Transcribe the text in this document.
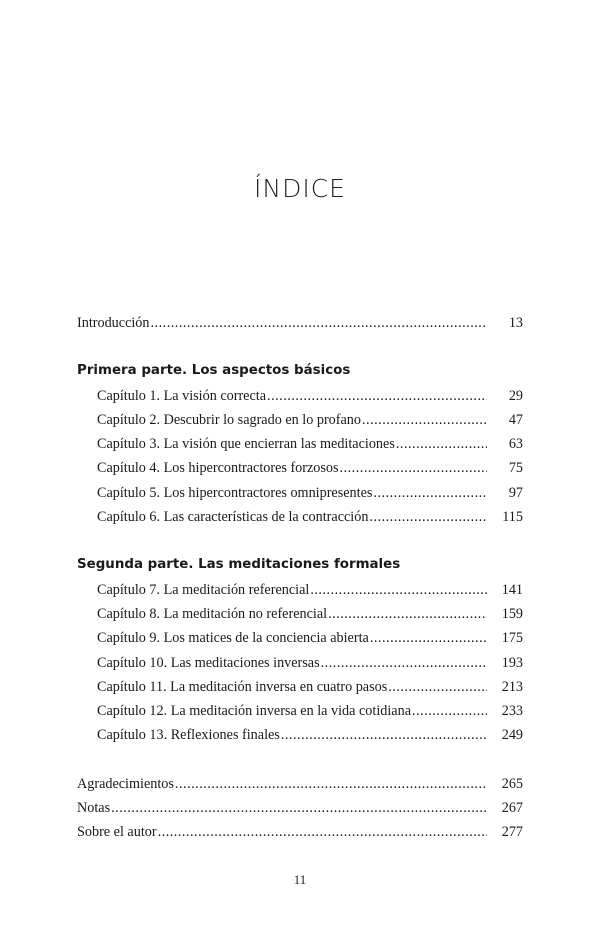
ÍNDICE
Introducción .....	13
Primera parte. Los aspectos básicos
Capítulo 1. La visión correcta .....	29
Capítulo 2. Descubrir lo sagrado en lo profano .....	47
Capítulo 3. La visión que encierran las meditaciones .....	63
Capítulo 4. Los hipercontractores forzosos .....	75
Capítulo 5. Los hipercontractores omnipresentes .....	97
Capítulo 6. Las características de la contracción .....	115
Segunda parte. Las meditaciones formales
Capítulo 7. La meditación referencial .....	141
Capítulo 8. La meditación no referencial .....	159
Capítulo 9. Los matices de la conciencia abierta .....	175
Capítulo 10. Las meditaciones inversas .....	193
Capítulo 11. La meditación inversa en cuatro pasos .....	213
Capítulo 12. La meditación inversa en la vida cotidiana .....	233
Capítulo 13. Reflexiones finales .....	249
Agradecimientos .....	265
Notas .....	267
Sobre el autor .....	277
11
